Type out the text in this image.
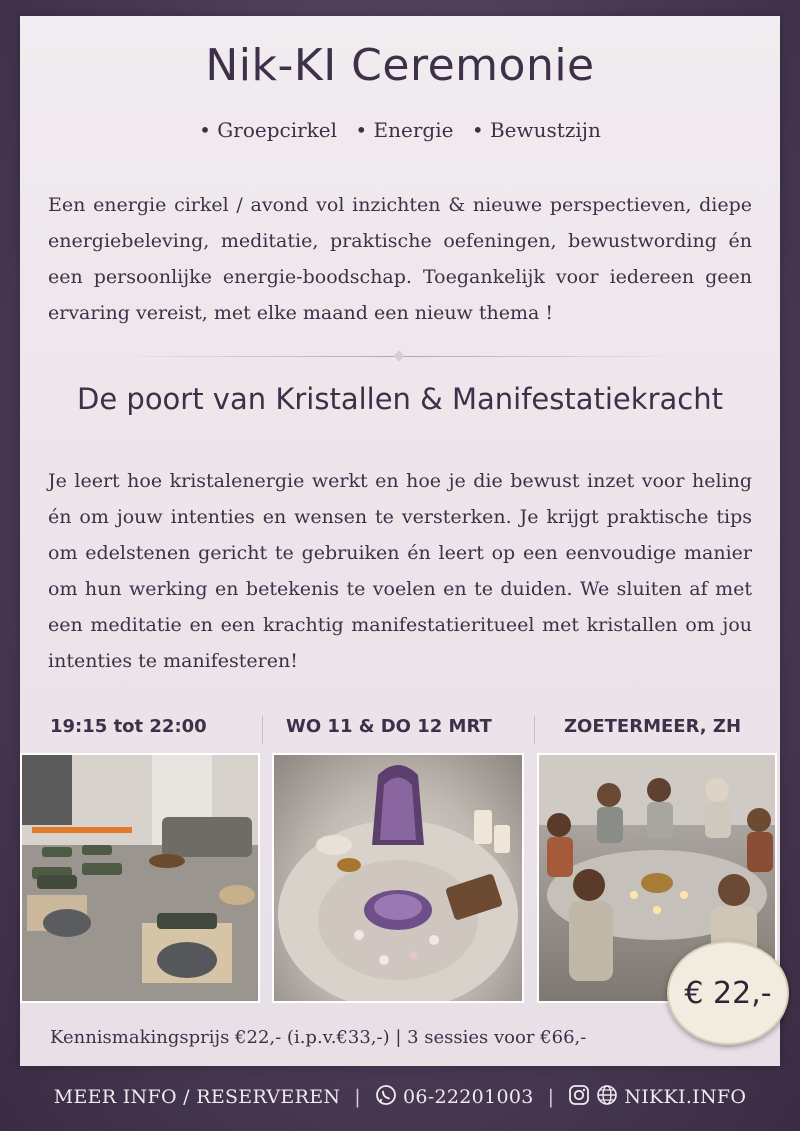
Nik-KI Ceremonie
• Groepcirkel • Energie • Bewustzijn
Een energie cirkel / avond vol inzichten & nieuwe perspectieven, diepe energiebeleving, meditatie, praktische oefeningen, bewustwording én een persoonlijke energie-boodschap. Toegankelijk voor iedereen geen ervaring vereist, met elke maand een nieuw thema !
De poort van Kristallen & Manifestatiekracht
Je leert hoe kristalenergie werkt en hoe je die bewust inzet voor heling én om jouw intenties en wensen te versterken. Je krijgt praktische tips om edelstenen gericht te gebruiken én leert op een eenvoudige manier om hun werking en betekenis te voelen en te duiden. We sluiten af met een meditatie en een krachtig manifestatieritueel met kristallen om jou intenties te manifesteren!
19:15 tot 22:00	WO 11 & DO 12 MRT	ZOETERMEER, ZH
€ 22,-
Kennismakingsprijs €22,- (i.p.v.€33,-) | 3 sessies voor €66,-
MEER INFO / RESERVEREN | 06-22201003 |	NIKKI.INFO
